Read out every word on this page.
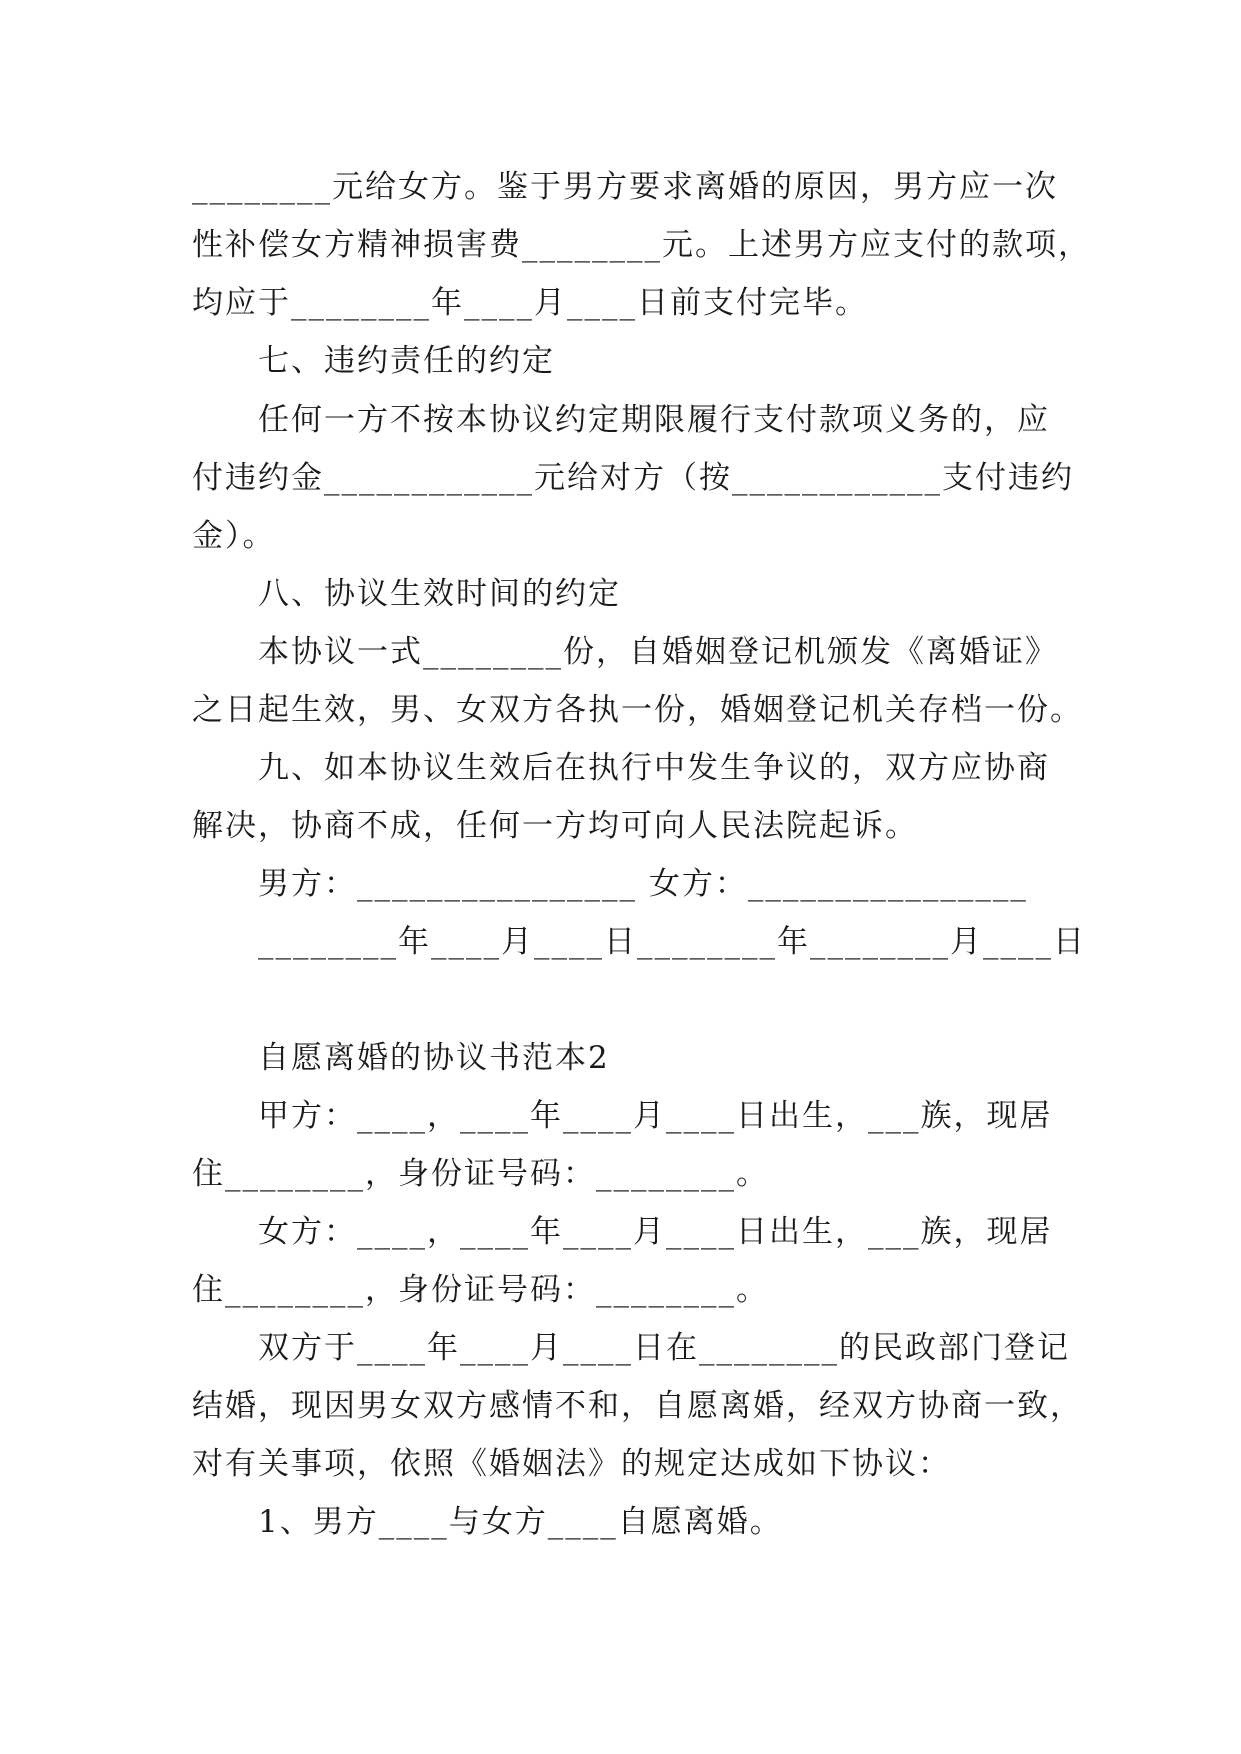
________元给女方。鉴于男方要求离婚的原因，男方应一次
性补偿女方精神损害费________元。上述男方应支付的款项，
均应于________年____月____日前支付完毕。
七、违约责任的约定
任何一方不按本协议约定期限履行支付款项义务的，应
付违约金____________元给对方（按____________支付违约
金）。
八、协议生效时间的约定
本协议一式________份，自婚姻登记机颁发《离婚证》
之日起生效，男、女双方各执一份，婚姻登记机关存档一份。
九、如本协议生效后在执行中发生争议的，双方应协商
解决，协商不成，任何一方均可向人民法院起诉。
男方：________________ 女方：________________
________年____月____日________年________月____日
自愿离婚的协议书范本2
甲方：____，____年____月____日出生，___族，现居
住________，身份证号码：________。
女方：____，____年____月____日出生，___族，现居
住________，身份证号码：________。
双方于____年____月____日在________的民政部门登记
结婚，现因男女双方感情不和，自愿离婚，经双方协商一致，
对有关事项，依照《婚姻法》的规定达成如下协议：
1、男方____与女方____自愿离婚。
